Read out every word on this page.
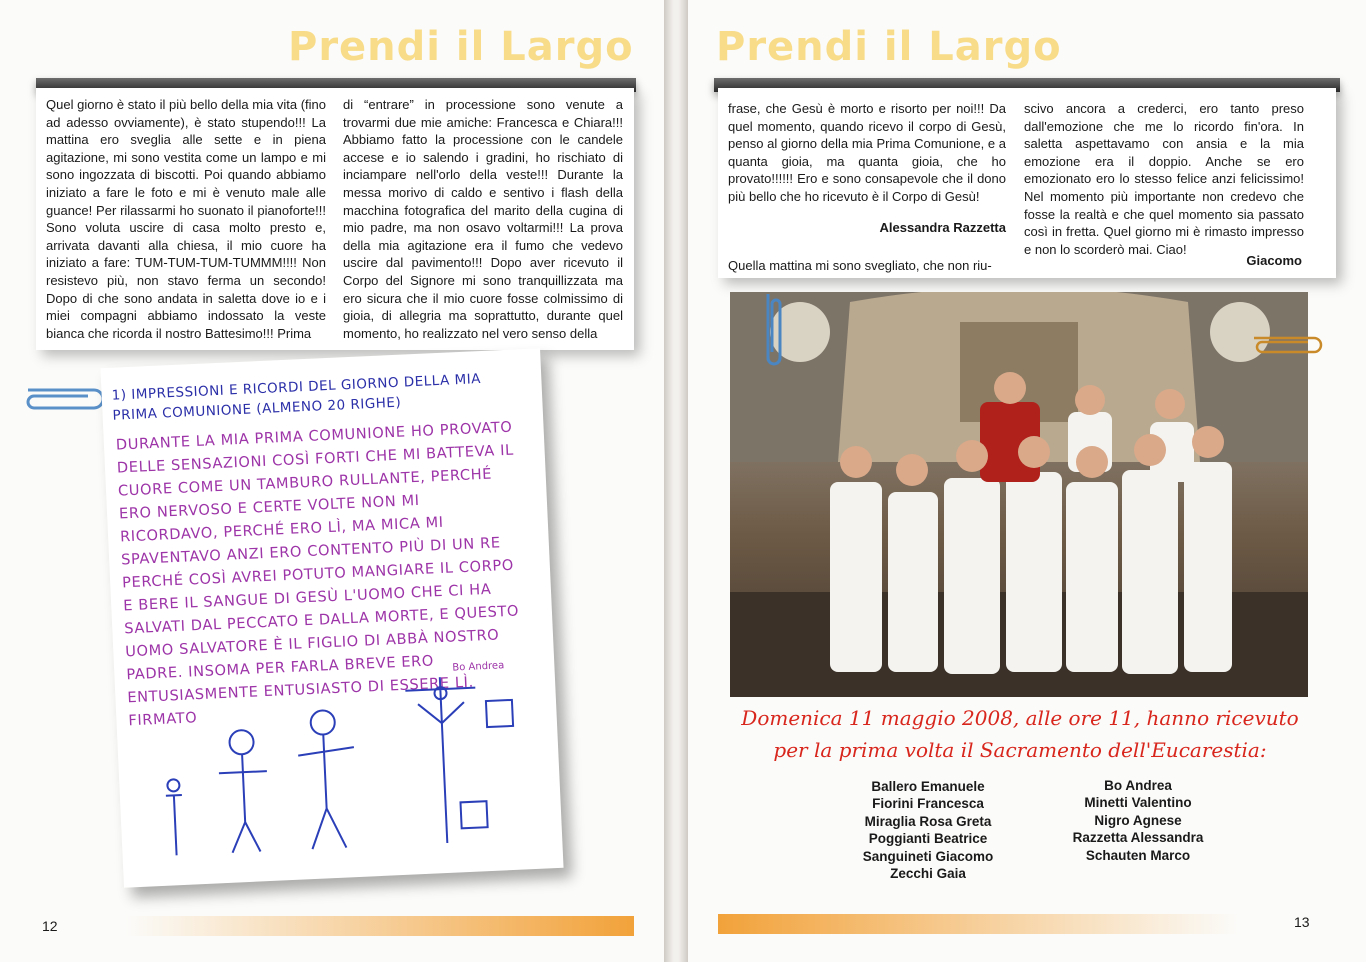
Prendi il Largo Prendi il Largo
Quel giorno è stato il più bello della mia vita (fino ad adesso ovviamente), è stato stupendo!!! La mattina ero sveglia alle sette e in piena agitazione, mi sono vestita come un lampo e mi sono ingozzata di biscotti. Poi quando abbiamo iniziato a fare le foto e mi è venuto male alle guance! Per rilassarmi ho suonato il pianoforte!!! Sono voluta uscire di casa molto presto e, arrivata davanti alla chiesa, il mio cuore ha iniziato a fare: TUM-TUM-TUM-TUMMM!!!! Non resistevo più, non stavo ferma un secondo! Dopo di che sono andata in saletta dove io e i miei compagni abbiamo indossato la veste bianca che ricorda il nostro Battesimo!!! Prima
di “entrare” in processione sono venute a trovarmi due mie amiche: Francesca e Chiara!!! Abbiamo fatto la processione con le candele accese e io salendo i gradini, ho rischiato di inciampare nell'orlo della veste!!! Durante la messa morivo di caldo e sentivo i flash della macchina fotografica del marito della cugina di mio padre, ma non osavo voltarmi!!! La prova della mia agitazione era il fumo che vedevo uscire dal pavimento!!! Dopo aver ricevuto il Corpo del Signore mi sono tranquillizzata ma ero sicura che il mio cuore fosse colmissimo di gioia, di allegria ma soprattutto, durante quel momento, ho realizzato nel vero senso della
1) IMPRESSIONI E RICORDI DEL GIORNO DELLA MIA PRIMA COMUNIONE (ALMENO 20 RIGHE)
DURANTE LA MIA PRIMA COMUNIONE HO PROVATO DELLE SENSAZIONI COSÌ FORTI CHE MI BATTEVA IL CUORE COME UN TAMBURO RULLANTE, PERCHÉ ERO NERVOSO E CERTE VOLTE NON MI RICORDAVO, PERCHÉ ERO LÌ, MA MICA MI SPAVENTAVO ANZI ERO CONTENTO PIÙ DI UN RE PERCHÉ COSÌ AVREI POTUTO MANGIARE IL CORPO E BERE IL SANGUE DI GESÙ L'UOMO CHE CI HA SALVATI DAL PECCATO E DALLA MORTE, E QUESTO UOMO SALVATORE È IL FIGLIO DI ABBÀ NOSTRO PADRE. INSOMA PER FARLA BREVE ERO ENTUSIASMENTE ENTUSIASTO DI ESSERE LÌ. FIRMATO
Bo Andrea
12	13
frase, che Gesù è morto e risorto per noi!!! Da quel momento, quando ricevo il corpo di Gesù, penso al giorno della mia Prima Comunione, e a quanta gioia, ma quanta gioia, che ho provato!!!!!! Ero e sono consapevole che il dono più bello che ho ricevuto è il Corpo di Gesù!
Alessandra Razzetta
Quella mattina mi sono svegliato, che non riu-
scivo ancora a crederci, ero tanto preso dall'emozione che me lo ricordo fin'ora. In saletta aspettavamo con ansia e la mia emozione era il doppio. Anche se ero emozionato ero lo stesso felice anzi felicissimo! Nel momento più importante non credevo che fosse la realtà e che quel momento sia passato così in fretta. Quel giorno mi è rimasto impresso e non lo scorderò mai. Ciao!
Giacomo
Domenica 11 maggio 2008, alle ore 11, hanno ricevuto per la prima volta il Sacramento dell'Eucarestia:
Ballero Emanuele
Fiorini Francesca
Miraglia Rosa Greta
Poggianti Beatrice
Sanguineti Giacomo
Zecchi Gaia
Bo Andrea
Minetti Valentino
Nigro Agnese
Razzetta Alessandra
Schauten Marco
